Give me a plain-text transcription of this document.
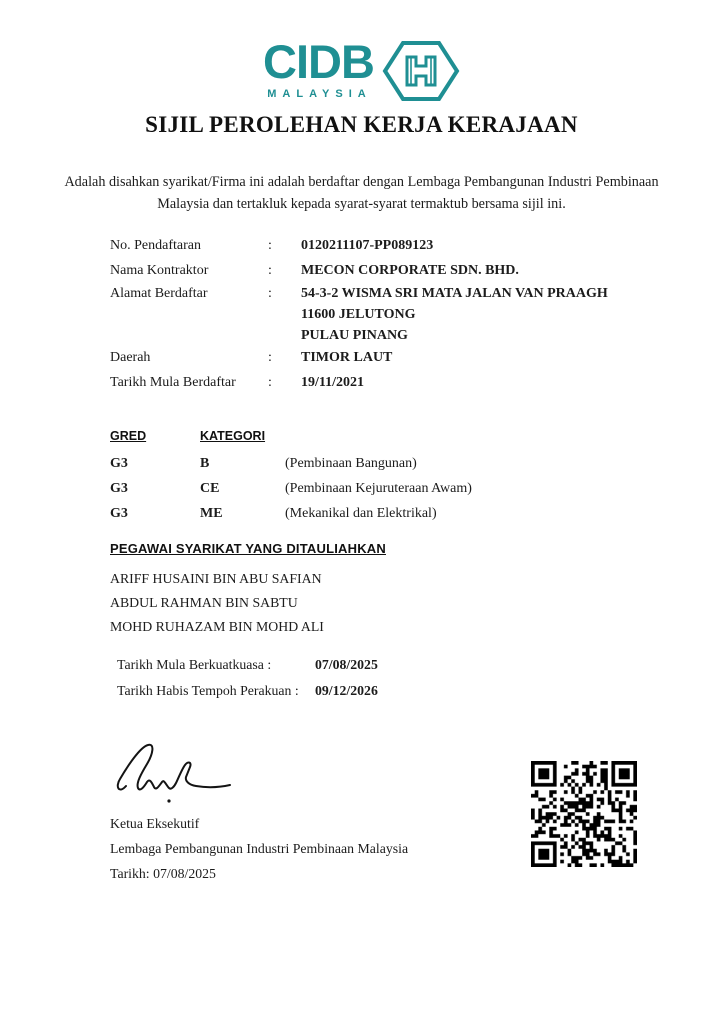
CIDB
MALAYSIA
SIJIL PEROLEHAN KERJA KERAJAAN
Adalah disahkan syarikat/Firma ini adalah berdaftar dengan Lembaga Pembangunan Industri Pembinaan
Malaysia dan tertakluk kepada syarat-syarat termaktub bersama sijil ini.
No. Pendaftaran	:	0120211107-PP089123
Nama Kontraktor	:	MECON CORPORATE SDN. BHD.
Alamat Berdaftar	:	54-3-2 WISMA SRI MATA JALAN VAN PRAAGH
11600 JELUTONG
PULAU PINANG
Daerah	:	TIMOR LAUT
Tarikh Mula Berdaftar	:	19/11/2021
GRED	KATEGORI
G3	B	(Pembinaan Bangunan)
G3	CE	(Pembinaan Kejuruteraan Awam)
G3	ME	(Mekanikal dan Elektrikal)
PEGAWAI SYARIKAT YANG DITAULIAHKAN
ARIFF HUSAINI BIN ABU SAFIAN
ABDUL RAHMAN BIN SABTU
MOHD RUHAZAM BIN MOHD ALI
Tarikh Mula Berkuatkuasa :	07/08/2025
Tarikh Habis Tempoh Perakuan :	09/12/2026
Ketua Eksekutif
Lembaga Pembangunan Industri Pembinaan Malaysia
Tarikh: 07/08/2025
